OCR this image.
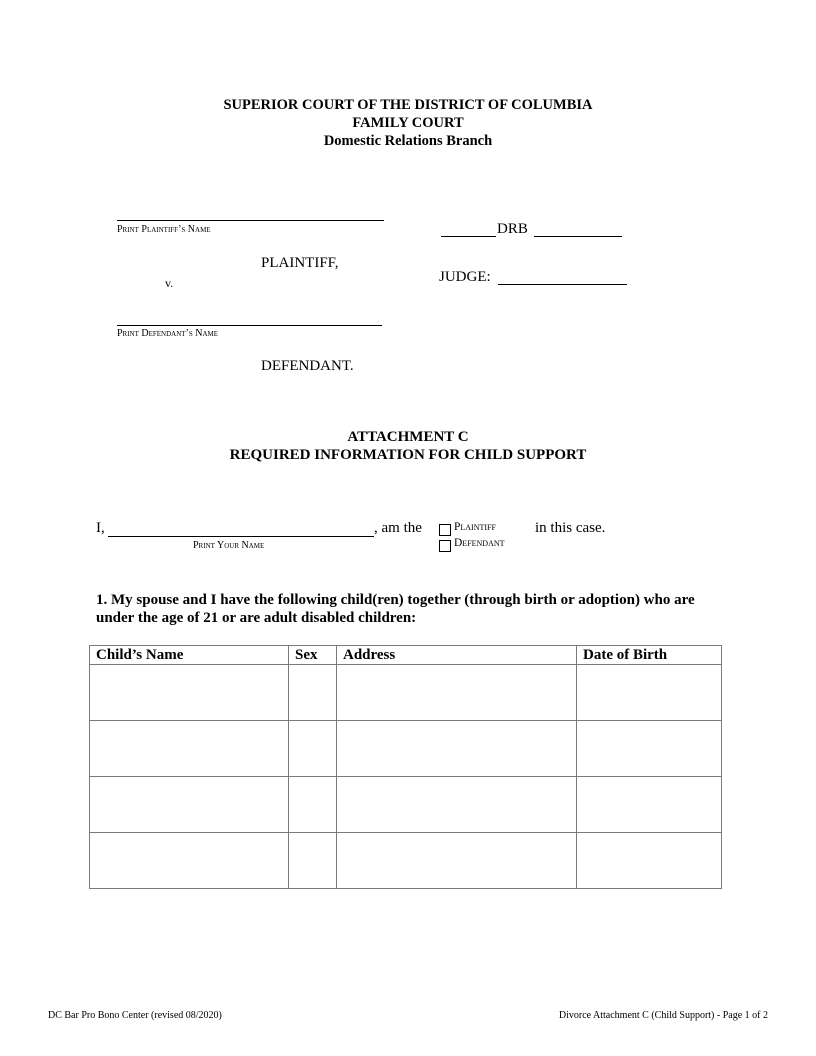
SUPERIOR COURT OF THE DISTRICT OF COLUMBIA
FAMILY COURT
Domestic Relations Branch
Print Plaintiff’s Name	DRB
PLAINTIFF,
v.	JUDGE:
Print Defendant’s Name
DEFENDANT.
ATTACHMENT C
REQUIRED INFORMATION FOR CHILD SUPPORT
I,	, am the
Print Your Name
Plaintiff
Defendant
in this case.
1. My spouse and I have the following child(ren) together (through birth or adoption) who are under the age of 21 or are adult disabled children:
Child’s Name	Sex	Address	Date of Birth

DC Bar Pro Bono Center (revised 08/2020)	Divorce Attachment C (Child Support) - Page 1 of 2
